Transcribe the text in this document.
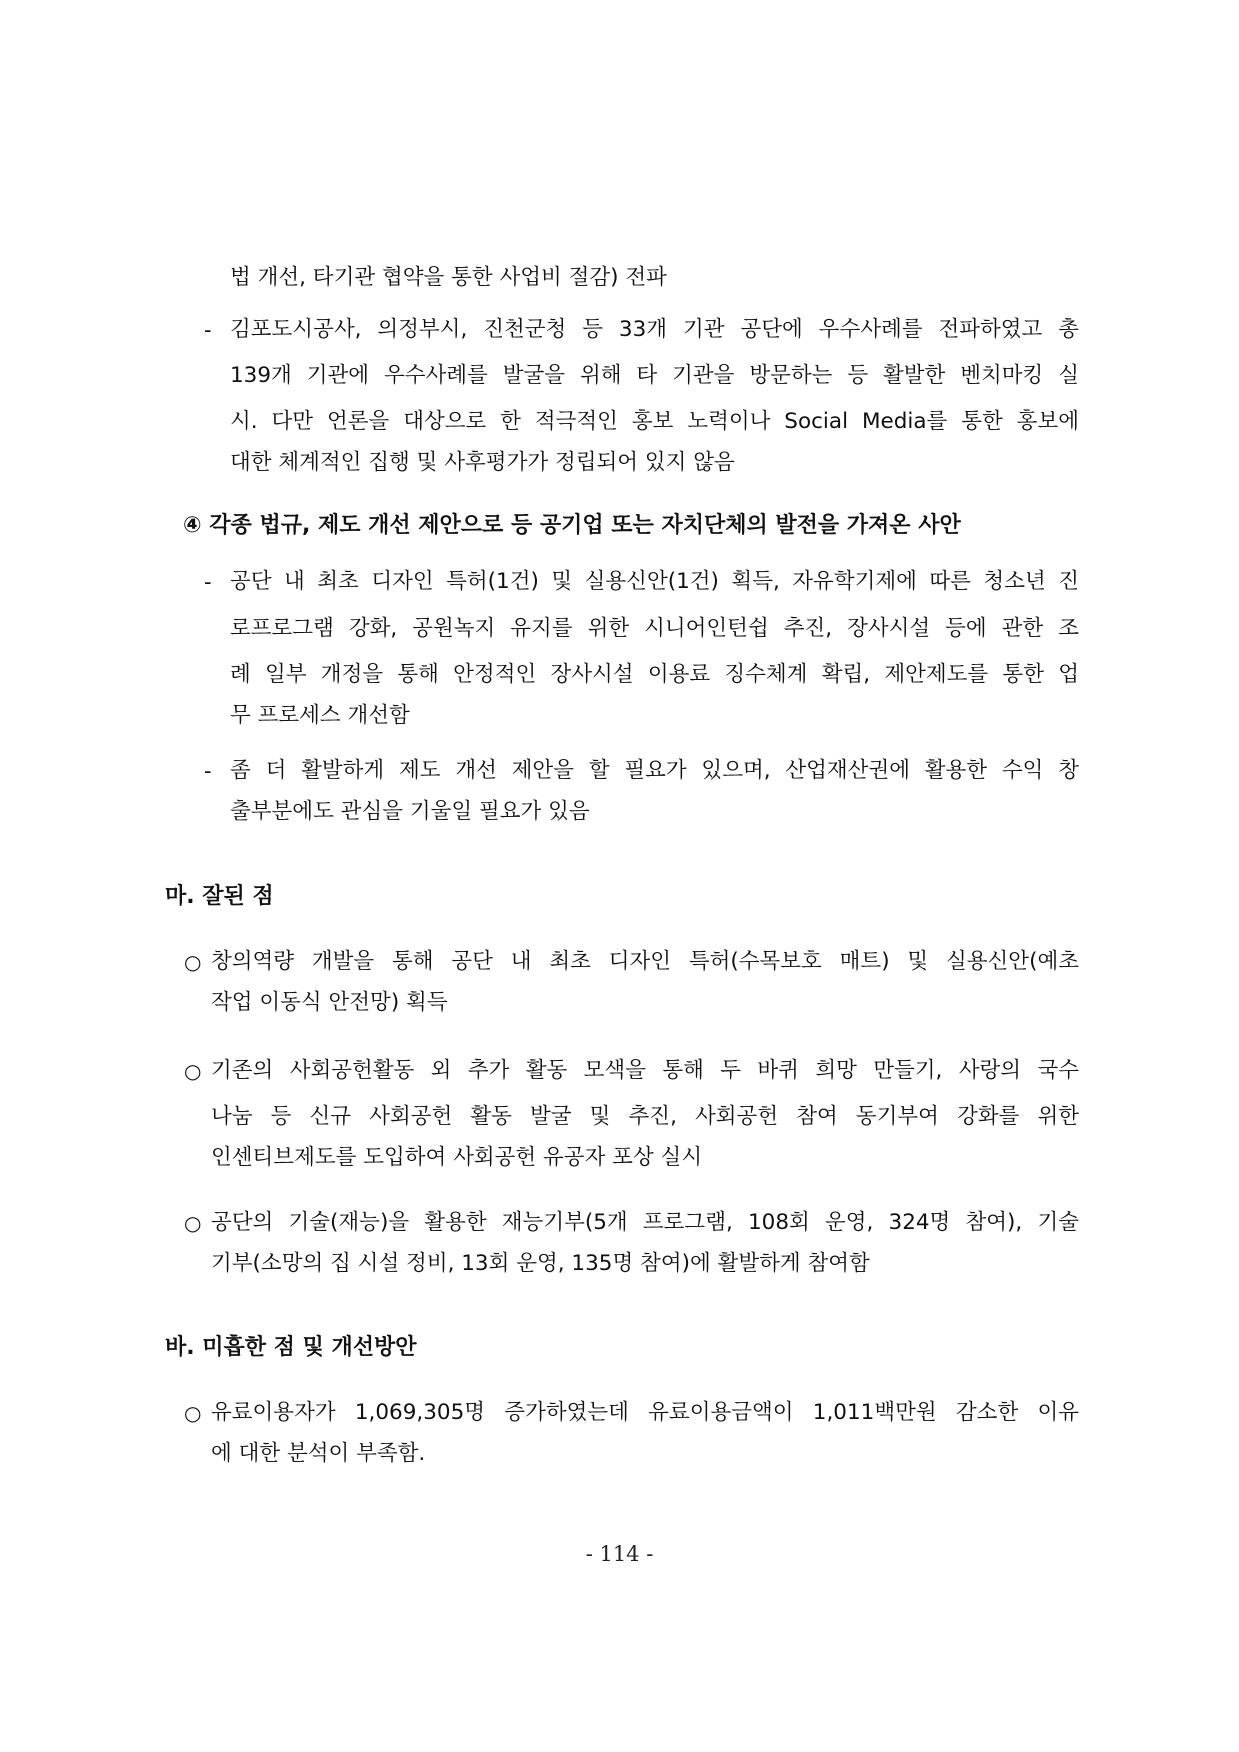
법 개선, 타기관 협약을 통한 사업비 절감) 전파
- 김포도시공사, 의정부시, 진천군청 등 33개 기관 공단에 우수사례를 전파하였고 총
139개 기관에 우수사례를 발굴을 위해 타 기관을 방문하는 등 활발한 벤치마킹 실
시. 다만 언론을 대상으로 한 적극적인 홍보 노력이나 Social Media를 통한 홍보에
대한 체계적인 집행 및 사후평가가 정립되어 있지 않음
④ 각종 법규, 제도 개선 제안으로 등 공기업 또는 자치단체의 발전을 가져온 사안
- 공단 내 최초 디자인 특허(1건) 및 실용신안(1건) 획득, 자유학기제에 따른 청소년 진
로프로그램 강화, 공원녹지 유지를 위한 시니어인턴쉽 추진, 장사시설 등에 관한 조
례 일부 개정을 통해 안정적인 장사시설 이용료 징수체계 확립, 제안제도를 통한 업
무 프로세스 개선함
- 좀 더 활발하게 제도 개선 제안을 할 필요가 있으며, 산업재산권에 활용한 수익 창
출부분에도 관심을 기울일 필요가 있음
마. 잘된 점
○ 창의역량 개발을 통해 공단 내 최초 디자인 특허(수목보호 매트) 및 실용신안(예초
작업 이동식 안전망) 획득
○ 기존의 사회공헌활동 외 추가 활동 모색을 통해 두 바퀴 희망 만들기, 사랑의 국수
나눔 등 신규 사회공헌 활동 발굴 및 추진, 사회공헌 참여 동기부여 강화를 위한
인센티브제도를 도입하여 사회공헌 유공자 포상 실시
○ 공단의 기술(재능)을 활용한 재능기부(5개 프로그램, 108회 운영, 324명 참여), 기술
기부(소망의 집 시설 정비, 13회 운영, 135명 참여)에 활발하게 참여함
바. 미흡한 점 및 개선방안
○ 유료이용자가 1,069,305명 증가하였는데 유료이용금액이 1,011백만원 감소한 이유
에 대한 분석이 부족함.
- 114 -
